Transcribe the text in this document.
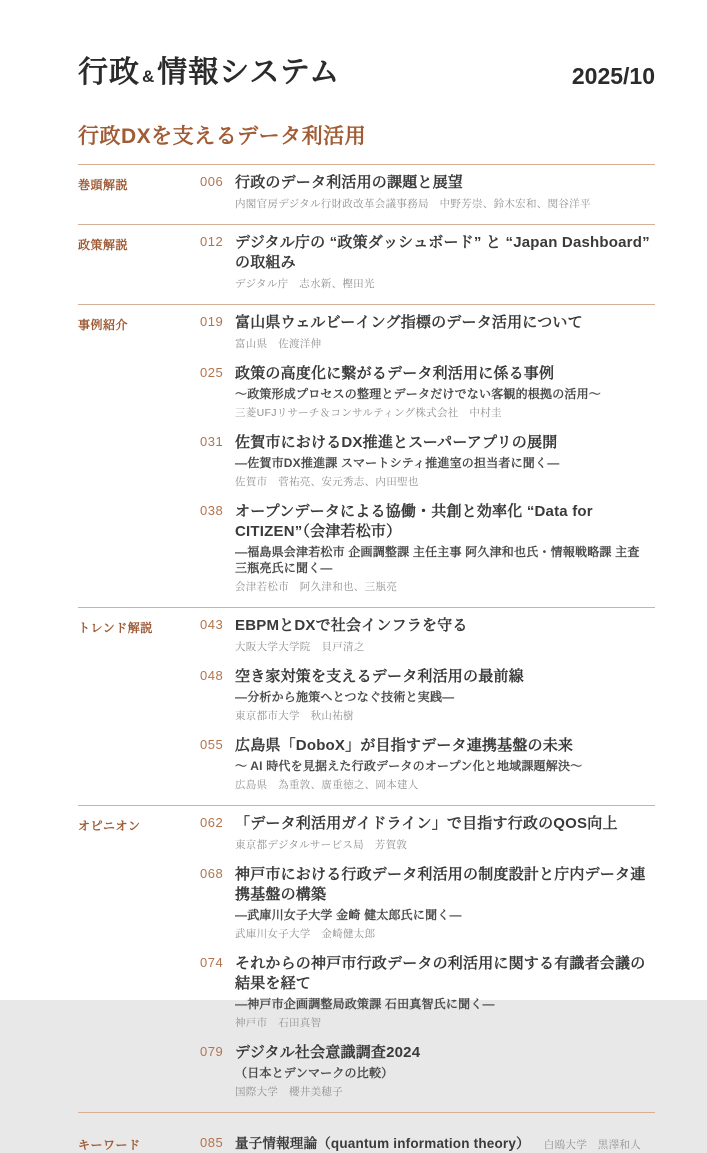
行政 &情報システム	2025/10
行政DXを支えるデータ利活用
巻頭解説	006 行政のデータ利活用の課題と展望
内閣官房デジタル行財政改革会議事務局　中野芳崇、鈴木宏和、関谷洋平
政策解説	012 デジタル庁の “政策ダッシュボード” と “Japan Dashboard” の取組み
デジタル庁　志水新、樫田光
事例紹介	019 富山県ウェルビーイング指標のデータ活用について
富山県　佐渡洋伸
025 政策の高度化に繋がるデータ利活用に係る事例
～政策形成プロセスの整理とデータだけでない客観的根拠の活用～
三菱UFJリサーチ＆コンサルティング株式会社　中村圭
031 佐賀市におけるDX推進とスーパーアプリの展開
―佐賀市DX推進課 スマートシティ推進室の担当者に聞く―
佐賀市　菅祐亮、安元秀志、内田聖也
038 オープンデータによる協働・共創と効率化 “Data for CITIZEN”（会津若松市）
―福島県会津若松市 企画調整課 主任主事 阿久津和也氏・情報戦略課 主査 三瓶亮氏に聞く―
会津若松市　阿久津和也、三瓶亮
トレンド解説	043 EBPMとDXで社会インフラを守る
大阪大学大学院　貝戸清之
048 空き家対策を支えるデータ利活用の最前線
―分析から施策へとつなぐ技術と実践―
東京都市大学　秋山祐樹
055 広島県「DoboX」が目指すデータ連携基盤の未来
～ AI 時代を見据えた行政データのオープン化と地域課題解決～
広島県　為重敦、廣重徳之、岡本建人
オピニオン	062 「データ利活用ガイドライン」で目指す行政のQOS向上
東京都デジタルサービス局　芳賀敦
068 神戸市における行政データ利活用の制度設計と庁内データ連携基盤の構築
―武庫川女子大学 金崎 健太郎氏に聞く―
武庫川女子大学　金崎健太郎
074 それからの神戸市行政データの利活用に関する有識者会議の結果を経て
―神戸市企画調整局政策課 石田真智氏に聞く―
神戸市　石田真智
079 デジタル社会意識調査2024
（日本とデンマークの比較）
国際大学　櫻井美穂子
キーワード	085 量子情報理論（quantum information theory） 白鴎大学　黒澤和人
